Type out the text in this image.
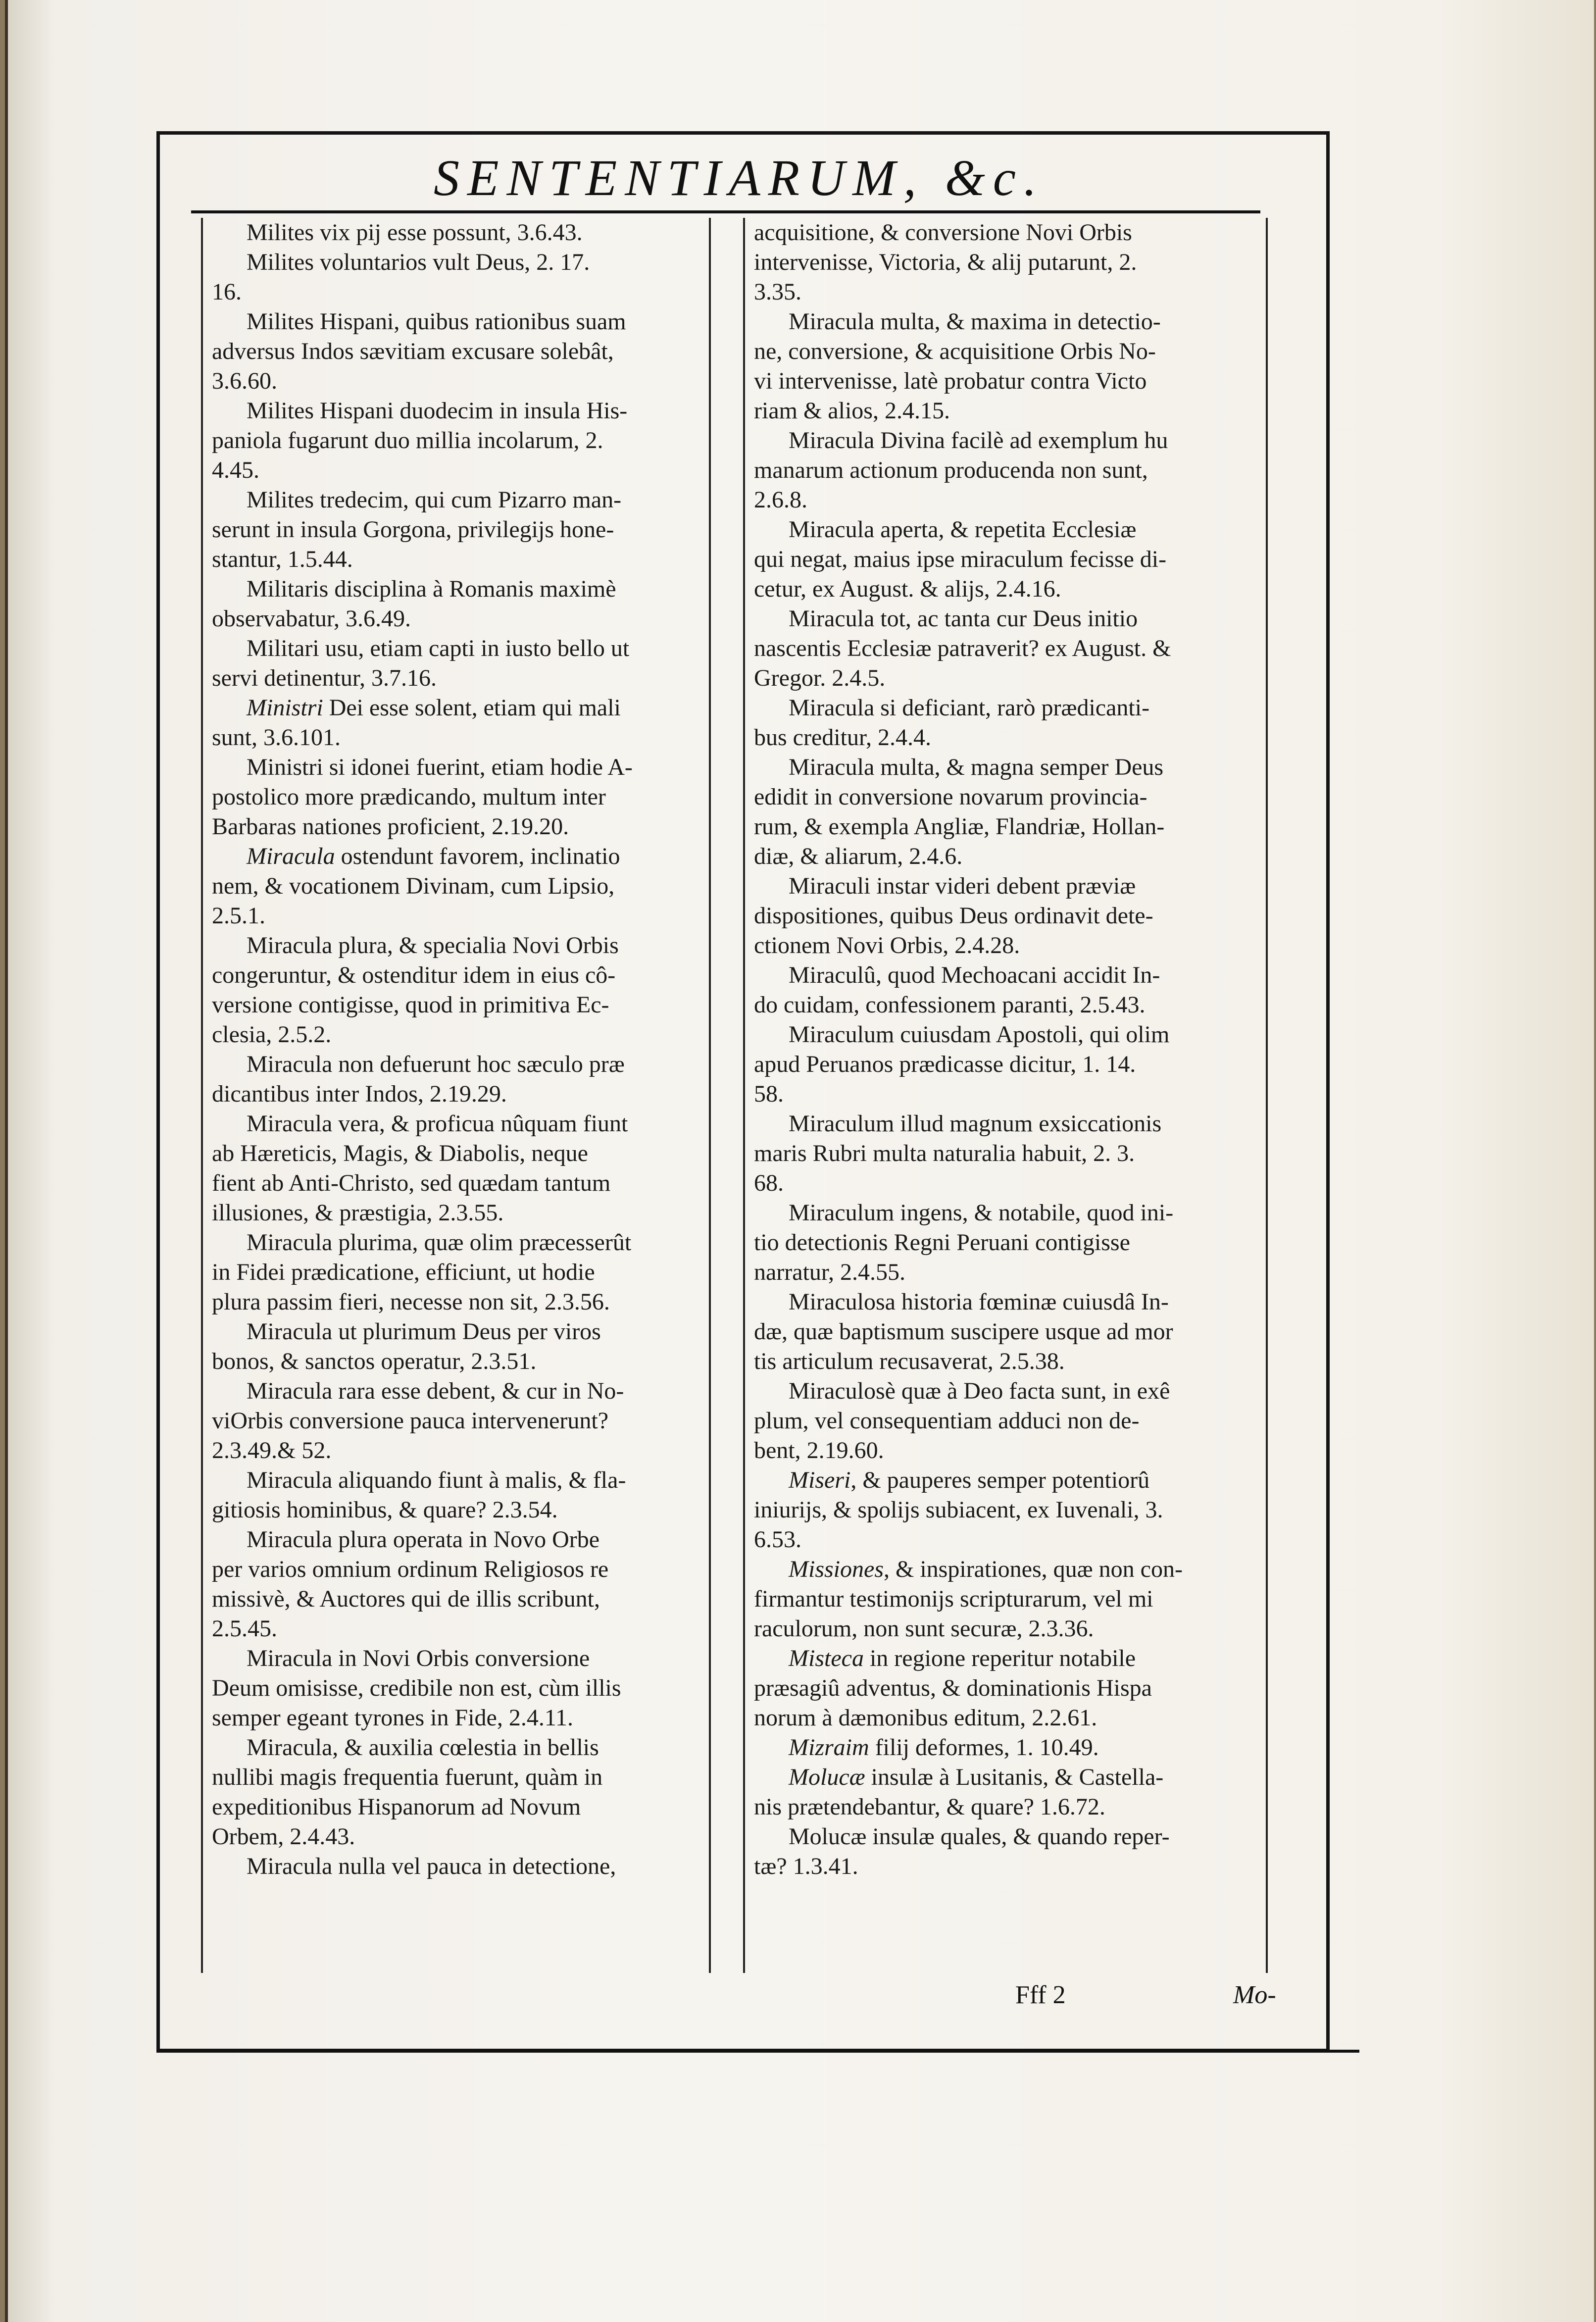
SENTENTIARUM, &c.
Milites vix pij esse possunt, 3.6.43.
Milites voluntarios vult Deus, 2. 17.
16.
Milites Hispani, quibus rationibus suam
adversus Indos sævitiam excusare solebât,
3.6.60.
Milites Hispani duodecim in insula His-
paniola fugarunt duo millia incolarum, 2.
4.45.
Milites tredecim, qui cum Pizarro man-
serunt in insula Gorgona, privilegijs hone-
stantur, 1.5.44.
Militaris disciplina à Romanis maximè
observabatur, 3.6.49.
Militari usu, etiam capti in iusto bello ut
servi detinentur, 3.7.16.
Ministri Dei esse solent, etiam qui mali
sunt, 3.6.101.
Ministri si idonei fuerint, etiam hodie A-
postolico more prædicando, multum inter
Barbaras nationes proficient, 2.19.20.
Miracula ostendunt favorem, inclinatio
nem, & vocationem Divinam, cum Lipsio,
2.5.1.
Miracula plura, & specialia Novi Orbis
congeruntur, & ostenditur idem in eius cô-
versione contigisse, quod in primitiva Ec-
clesia, 2.5.2.
Miracula non defuerunt hoc sæculo præ
dicantibus inter Indos, 2.19.29.
Miracula vera, & proficua nûquam fiunt
ab Hæreticis, Magis, & Diabolis, neque
fient ab Anti-Christo, sed quædam tantum
illusiones, & præstigia, 2.3.55.
Miracula plurima, quæ olim præcesserût
in Fidei prædicatione, efficiunt, ut hodie
plura passim fieri, necesse non sit, 2.3.56.
Miracula ut plurimum Deus per viros
bonos, & sanctos operatur, 2.3.51.
Miracula rara esse debent, & cur in No-
viOrbis conversione pauca intervenerunt?
2.3.49.& 52.
Miracula aliquando fiunt à malis, & fla-
gitiosis hominibus, & quare? 2.3.54.
Miracula plura operata in Novo Orbe
per varios omnium ordinum Religiosos re
missivè, & Auctores qui de illis scribunt,
2.5.45.
Miracula in Novi Orbis conversione
Deum omisisse, credibile non est, cùm illis
semper egeant tyrones in Fide, 2.4.11.
Miracula, & auxilia cœlestia in bellis
nullibi magis frequentia fuerunt, quàm in
expeditionibus Hispanorum ad Novum
Orbem, 2.4.43.
Miracula nulla vel pauca in detectione,
acquisitione, & conversione Novi Orbis
intervenisse, Victoria, & alij putarunt, 2.
3.35.
Miracula multa, & maxima in detectio-
ne, conversione, & acquisitione Orbis No-
vi intervenisse, latè probatur contra Victo
riam & alios, 2.4.15.
Miracula Divina facilè ad exemplum hu
manarum actionum producenda non sunt,
2.6.8.
Miracula aperta, & repetita Ecclesiæ
qui negat, maius ipse miraculum fecisse di-
cetur, ex August. & alijs, 2.4.16.
Miracula tot, ac tanta cur Deus initio
nascentis Ecclesiæ patraverit? ex August. &
Gregor. 2.4.5.
Miracula si deficiant, rarò prædicanti-
bus creditur, 2.4.4.
Miracula multa, & magna semper Deus
edidit in conversione novarum provincia-
rum, & exempla Angliæ, Flandriæ, Hollan-
diæ, & aliarum, 2.4.6.
Miraculi instar videri debent præviæ
dispositiones, quibus Deus ordinavit dete-
ctionem Novi Orbis, 2.4.28.
Miraculû, quod Mechoacani accidit In-
do cuidam, confessionem paranti, 2.5.43.
Miraculum cuiusdam Apostoli, qui olim
apud Peruanos prædicasse dicitur, 1. 14.
58.
Miraculum illud magnum exsiccationis
maris Rubri multa naturalia habuit, 2. 3.
68.
Miraculum ingens, & notabile, quod ini-
tio detectionis Regni Peruani contigisse
narratur, 2.4.55.
Miraculosa historia fœminæ cuiusdâ In-
dæ, quæ baptismum suscipere usque ad mor
tis articulum recusaverat, 2.5.38.
Miraculosè quæ à Deo facta sunt, in exê
plum, vel consequentiam adduci non de-
bent, 2.19.60.
Miseri, & pauperes semper potentiorû
iniurijs, & spolijs subiacent, ex Iuvenali, 3.
6.53.
Missiones, & inspirationes, quæ non con-
firmantur testimonijs scripturarum, vel mi
raculorum, non sunt securæ, 2.3.36.
Misteca in regione reperitur notabile
præsagiû adventus, & dominationis Hispa
norum à dæmonibus editum, 2.2.61.
Mizraim filij deformes, 1. 10.49.
Molucæ insulæ à Lusitanis, & Castella-
nis prætendebantur, & quare? 1.6.72.
Molucæ insulæ quales, & quando reper-
tæ? 1.3.41.
Fff 2	Mo-
